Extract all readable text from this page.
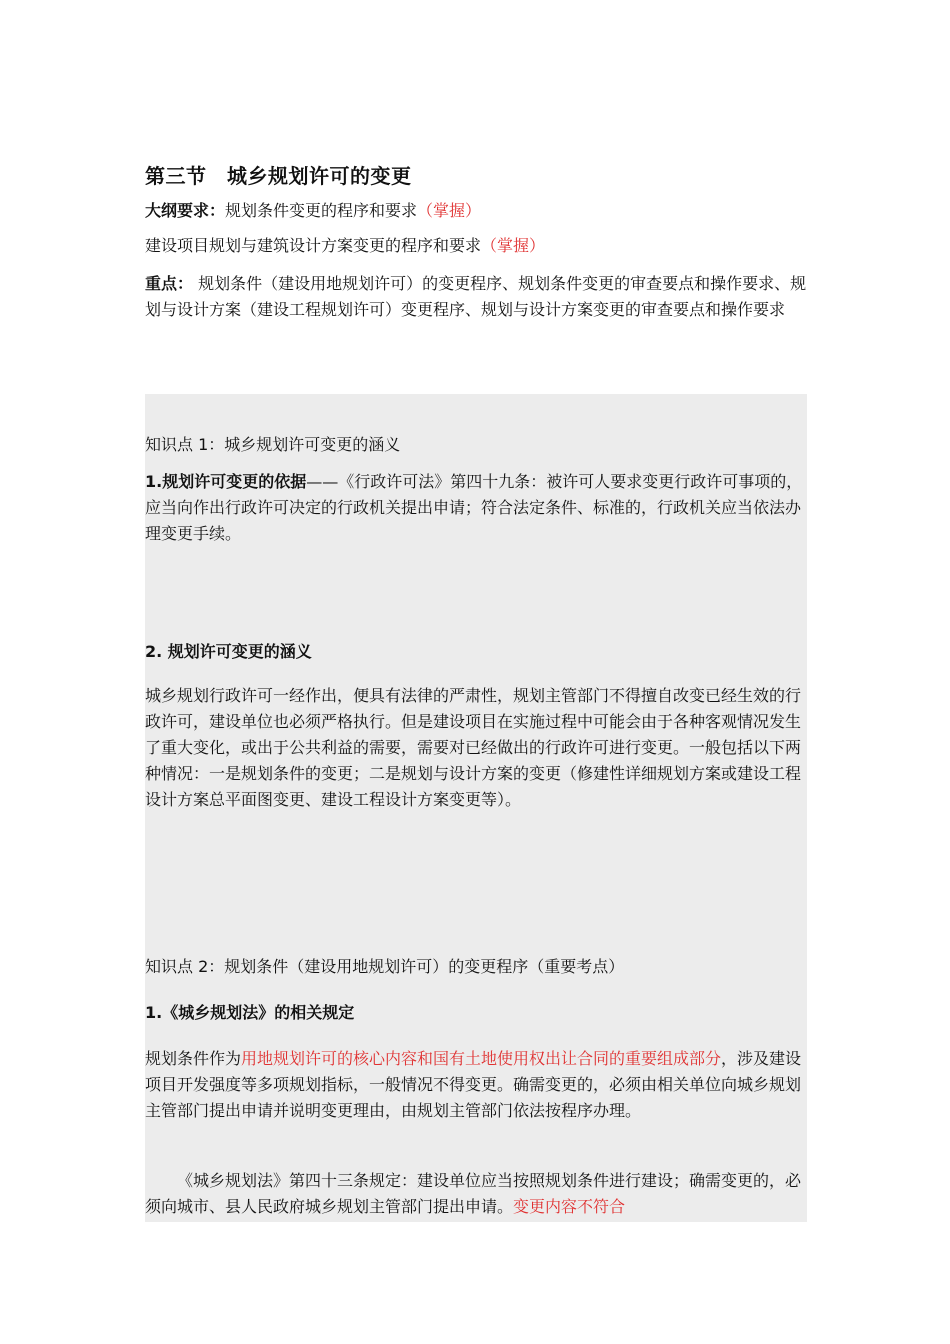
第三节　城乡规划许可的变更
大纲要求：规划条件变更的程序和要求（掌握）
建设项目规划与建筑设计方案变更的程序和要求（掌握）
重点： 规划条件（建设用地规划许可）的变更程序、规划条件变更的审查要点和操作要求、规划与设计方案（建设工程规划许可）变更程序、规划与设计方案变更的审查要点和操作要求
知识点 1：城乡规划许可变更的涵义
1.规划许可变更的依据——《行政许可法》第四十九条：被许可人要求变更行政许可事项的，应当向作出行政许可决定的行政机关提出申请；符合法定条件、标准的，行政机关应当依法办理变更手续。
2. 规划许可变更的涵义
城乡规划行政许可一经作出，便具有法律的严肃性，规划主管部门不得擅自改变已经生效的行政许可，建设单位也必须严格执行。但是建设项目在实施过程中可能会由于各种客观情况发生了重大变化，或出于公共利益的需要，需要对已经做出的行政许可进行变更。一般包括以下两种情况：一是规划条件的变更；二是规划与设计方案的变更（修建性详细规划方案或建设工程设计方案总平面图变更、建设工程设计方案变更等）。
知识点 2：规划条件（建设用地规划许可）的变更程序（重要考点）
1.《城乡规划法》的相关规定
规划条件作为用地规划许可的核心内容和国有土地使用权出让合同的重要组成部分，涉及建设项目开发强度等多项规划指标，一般情况不得变更。确需变更的，必须由相关单位向城乡规划主管部门提出申请并说明变更理由，由规划主管部门依法按程序办理。
《城乡规划法》第四十三条规定：建设单位应当按照规划条件进行建设；确需变更的，必须向城市、县人民政府城乡规划主管部门提出申请。变更内容不符合
